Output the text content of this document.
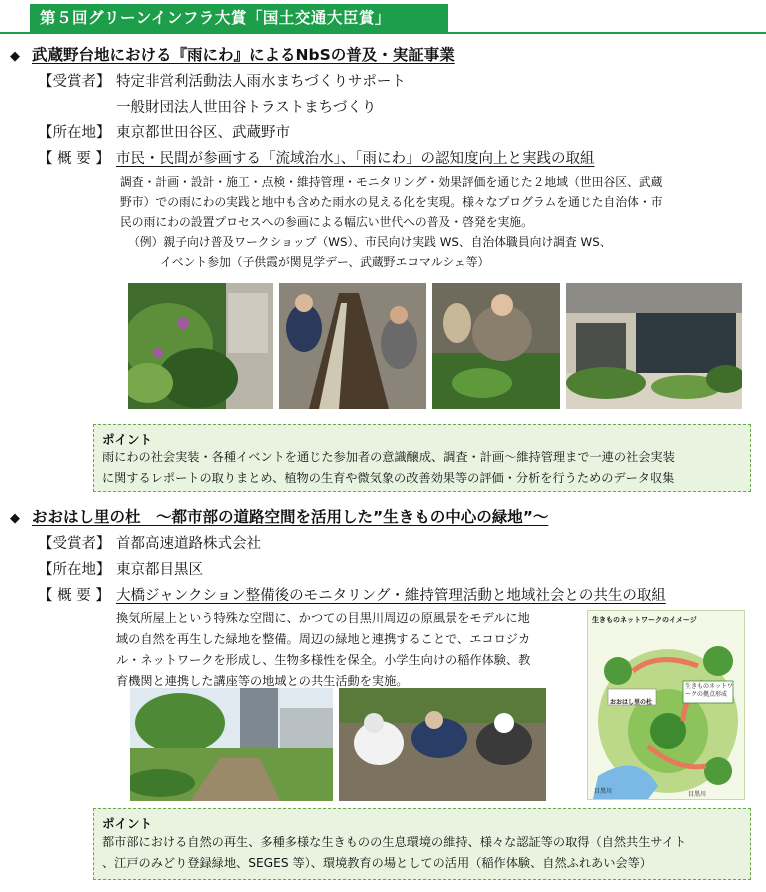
第５回グリーンインフラ大賞「国土交通大臣賞」
◆ 武蔵野台地における『雨にわ』によるNbSの普及・実証事業
【受賞者】 特定非営利活動法人雨水まちづくりサポート
一般財団法人世田谷トラストまちづくり
【所在地】 東京都世田谷区、武蔵野市
【 概 要 】 市民・民間が参画する「流域治水」、「雨にわ」の認知度向上と実践の取組
調査・計画・設計・施工・点検・維持管理・モニタリング・効果評価を通じた２地域（世田谷区、武蔵
野市）での雨にわの実践と地中も含めた雨水の見える化を実現。様々なプログラムを通じた自治体・市
民の雨にわの設置プロセスへの参画による幅広い世代への普及・啓発を実施。
（例）親子向け普及ワークショップ（WS）、市民向け実践 WS、自治体職員向け調査 WS、
イベント参加（子供霞が関見学デー、武蔵野エコマルシェ等）
ポイント
雨にわの社会実装・各種イベントを通じた参加者の意識醸成、調査・計画～維持管理まで一連の社会実装
に関するレポートの取りまとめ、植物の生育や微気象の改善効果等の評価・分析を行うためのデータ収集
◆ おおはし里の杜　～都市部の道路空間を活用した”生きもの中心の緑地”～
【受賞者】 首都高速道路株式会社
【所在地】 東京都目黒区
【 概 要 】 大橋ジャンクション整備後のモニタリング・維持管理活動と地域社会との共生の取組
換気所屋上という特殊な空間に、かつての目黒川周辺の原風景をモデルに地
域の自然を再生した緑地を整備。周辺の緑地と連携することで、エコロジカ
ル・ネットワークを形成し、生物多様性を保全。小学生向けの稲作体験、教
育機関と連携した講座等の地域との共生活動を実施。
生きものネットワークのイメージ
目黒川
おおはし里の杜
生きものネットワークの拠点形成
目黒川
ポイント
都市部における自然の再生、多種多様な生きものの生息環境の維持、様々な認証等の取得（自然共生サイト
、江戸のみどり登録緑地、SEGES 等）、環境教育の場としての活用（稲作体験、自然ふれあい会等）
